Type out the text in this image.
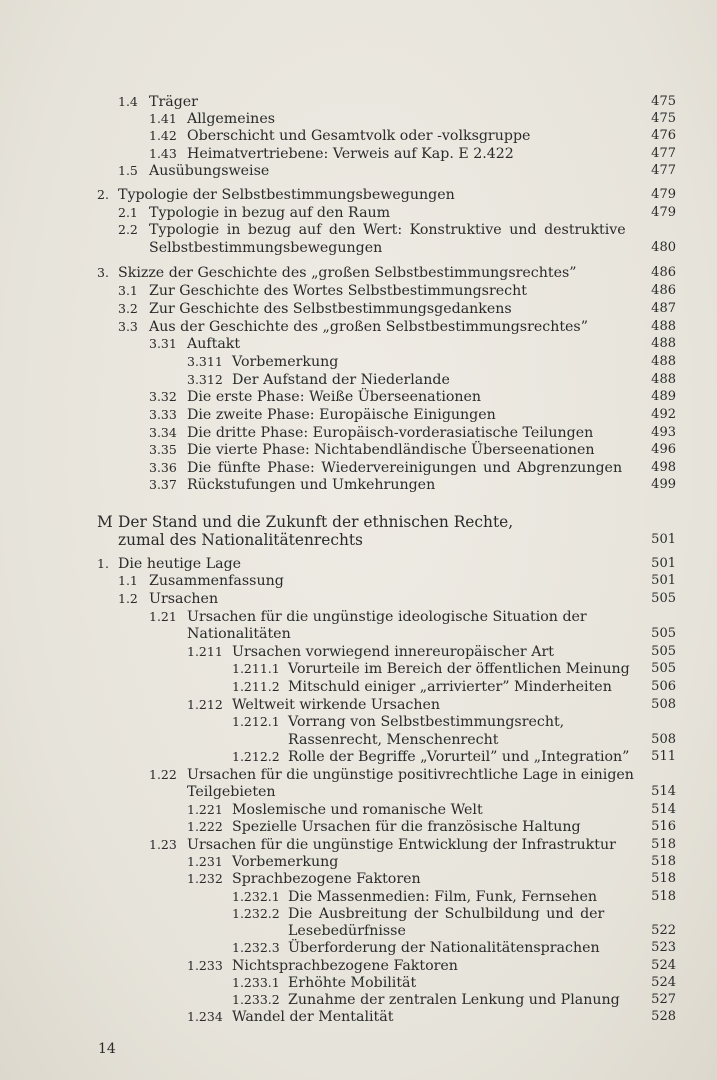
1.4 Träger	475
1.41 Allgemeines	475
1.42 Oberschicht und Gesamtvolk oder -volksgruppe	476
1.43 Heimatvertriebene: Verweis auf Kap. E 2.422	477
1.5 Ausübungsweise	477
2. Typologie der Selbstbestimmungsbewegungen	479
2.1 Typologie in bezug auf den Raum	479
2.2 Typologie in bezug auf den Wert: Konstruktive und destruktive
Selbstbestimmungsbewegungen	480
3. Skizze der Geschichte des „großen Selbstbestimmungsrechtes”	486
3.1 Zur Geschichte des Wortes Selbstbestimmungsrecht	486
3.2 Zur Geschichte des Selbstbestimmungsgedankens	487
3.3 Aus der Geschichte des „großen Selbstbestimmungsrechtes”	488
3.31 Auftakt	488
3.311 Vorbemerkung	488
3.312 Der Aufstand der Niederlande	488
3.32 Die erste Phase: Weiße Überseenationen	489
3.33 Die zweite Phase: Europäische Einigungen	492
3.34 Die dritte Phase: Europäisch-vorderasiatische Teilungen	493
3.35 Die vierte Phase: Nichtabendländische Überseenationen	496
3.36 Die fünfte Phase: Wiedervereinigungen und Abgrenzungen 498
3.37 Rückstufungen und Umkehrungen	499
M Der Stand und die Zukunft der ethnischen Rechte,
zumal des Nationalitätenrechts	501
1. Die heutige Lage	501
1.1 Zusammenfassung	501
1.2 Ursachen	505
1.21 Ursachen für die ungünstige ideologische Situation der
Nationalitäten	505
1.211 Ursachen vorwiegend innereuropäischer Art	505
1.211.1 Vorurteile im Bereich der öffentlichen Meinung 505
1.211.2 Mitschuld einiger „arrivierter” Minderheiten	506
1.212 Weltweit wirkende Ursachen	508
1.212.1 Vorrang von Selbstbestimmungsrecht,
Rassenrecht, Menschenrecht	508
1.212.2 Rolle der Begriffe „Vorurteil” und „Integration” 511
1.22 Ursachen für die ungünstige positivrechtliche Lage in einigen
Teilgebieten	514
1.221 Moslemische und romanische Welt	514
1.222 Spezielle Ursachen für die französische Haltung	516
1.23 Ursachen für die ungünstige Entwicklung der Infrastruktur	518
1.231 Vorbemerkung	518
1.232 Sprachbezogene Faktoren	518
1.232.1 Die Massenmedien: Film, Funk, Fernsehen	518
1.232.2 Die Ausbreitung der Schulbildung und der
Lesebedürfnisse	522
1.232.3 Überforderung der Nationalitätensprachen	523
1.233 Nichtsprachbezogene Faktoren	524
1.233.1 Erhöhte Mobilität	524
1.233.2 Zunahme der zentralen Lenkung und Planung 527
1.234 Wandel der Mentalität	528
14
